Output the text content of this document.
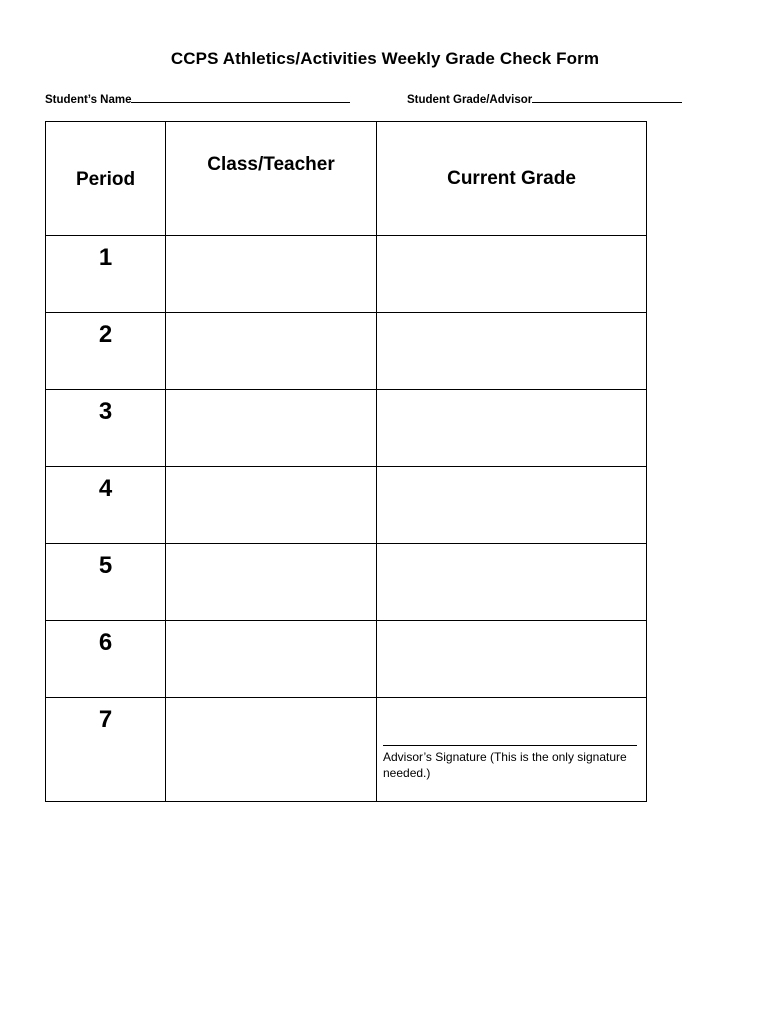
CCPS Athletics/Activities Weekly Grade Check Form
Student’s Name	Student Grade/Advisor
Period	Class/Teacher	Current Grade
1		
2		
3		
4		
5		
6		
7		Advisor’s Signature (This is the only signature needed.)
